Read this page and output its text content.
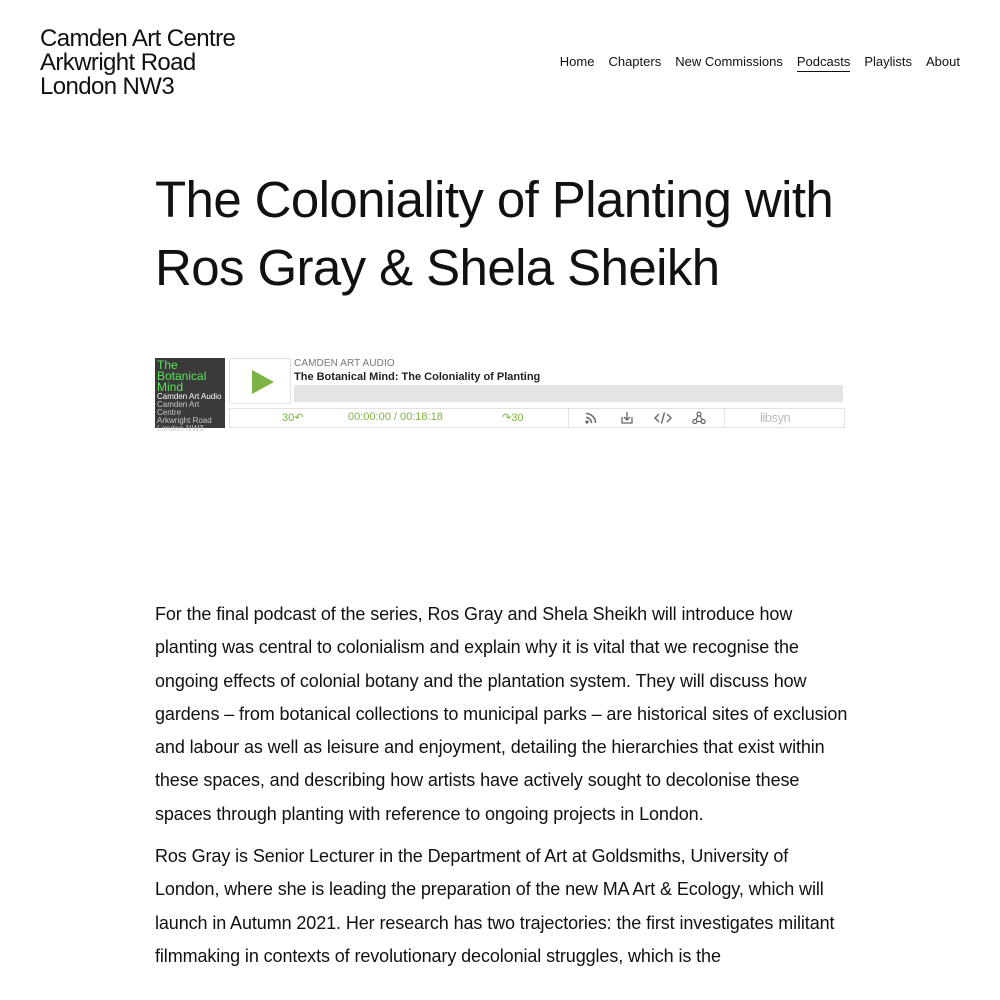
Camden Art Centre
Arkwright Road
London NW3
Home Chapters New Commissions Podcasts Playlists About
The Coloniality of Planting with Ros Gray & Shela Sheikh
The
Botanical
Mind
Camden Art Audio
Camden Art Centre
Arkwright Road
London NW3
CAMDEN ART AUDIO
The Botanical Mind: The Coloniality of Planting
30↶	00:00:00 / 00:18:18	↷30	libsyn

For the final podcast of the series, Ros Gray and Shela Sheikh will introduce how planting was central to colonialism and explain why it is vital that we recognise the ongoing effects of colonial botany and the plantation system. They will discuss how gardens – from botanical collections to municipal parks – are historical sites of exclusion and labour as well as leisure and enjoyment, detailing the hierarchies that exist within these spaces, and describing how artists have actively sought to decolonise these spaces through planting with reference to ongoing projects in London.

Ros Gray is Senior Lecturer in the Department of Art at Goldsmiths, University of London, where she is leading the preparation of the new MA Art & Ecology, which will launch in Autumn 2021. Her research has two trajectories: the first investigates militant filmmaking in contexts of revolutionary decolonial struggles, which is the
